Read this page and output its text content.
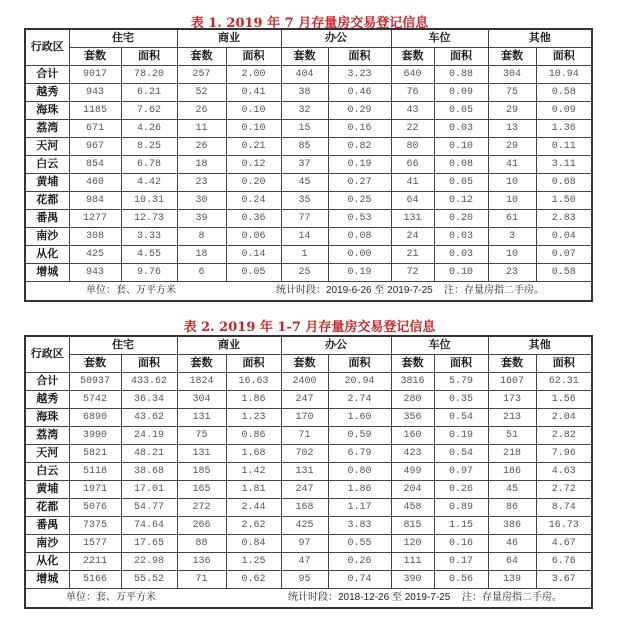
表 1. 2019 年 7 月存量房交易登记信息
行政区	住宅		商业		办公		车位		其他	
	套数	面积	套数	面积	套数	面积	套数	面积	套数	面积
合计	9017	78.20	257	2.00	404	3.23	640	0.88	304	10.94
越秀	943	6.21	52	0.41	38	0.46	76	0.09	75	0.58
海珠	1185	7.62	26	0.10	32	0.29	43	0.05	29	0.09
荔湾	671	4.26	11	0.10	15	0.16	22	0.03	13	1.36
天河	967	8.25	26	0.21	85	0.82	80	0.10	29	0.11
白云	854	6.78	18	0.12	37	0.19	66	0.08	41	3.11
黄埔	460	4.42	23	0.20	45	0.27	41	0.05	10	0.68
花都	984	10.31	30	0.24	35	0.25	64	0.12	10	1.50
番禺	1277	12.73	39	0.36	77	0.53	131	0.20	61	2.83
南沙	308	3.33	8	0.06	14	0.08	24	0.03	3	0.04
从化	425	4.55	18	0.14	1	0.00	21	0.03	10	0.07
增城	943	9.76	6	0.05	25	0.19	72	0.10	23	0.58

单位：套、万平方米 统计时段：2019-6-26 至 2019-7-25 注：存量房指二手房。										
表 2. 2019 年 1-7 月存量房交易登记信息
行政区	住宅		商业		办公		车位		其他	
	套数	面积	套数	面积	套数	面积	套数	面积	套数	面积
合计	50937	433.62	1824	16.63	2400	20.94	3816	5.79	1607	62.31
越秀	5742	36.34	304	1.86	247	2.74	280	0.35	173	1.56
海珠	6890	43.62	131	1.23	170	1.60	356	0.54	213	2.04
荔湾	3990	24.19	75	0.86	71	0.59	160	0.19	51	2.82
天河	5821	48.21	131	1.68	702	6.79	423	0.54	218	7.96
白云	5118	38.68	185	1.42	131	0.80	499	0.97	186	4.63
黄埔	1971	17.01	165	1.81	247	1.86	204	0.26	45	2.72
花都	5076	54.77	272	2.44	168	1.17	458	0.89	86	8.74
番禺	7375	74.64	266	2.62	425	3.83	815	1.15	386	16.73
南沙	1577	17.65	88	0.84	97	0.55	120	0.16	46	4.67
从化	2211	22.98	136	1.25	47	0.26	111	0.17	64	6.76
增城	5166	55.52	71	0.62	95	0.74	390	0.56	139	3.67

单位：套、万平方米 统计时段：2018-12-26 至 2019-7-25 注：存量房指二手房。										
